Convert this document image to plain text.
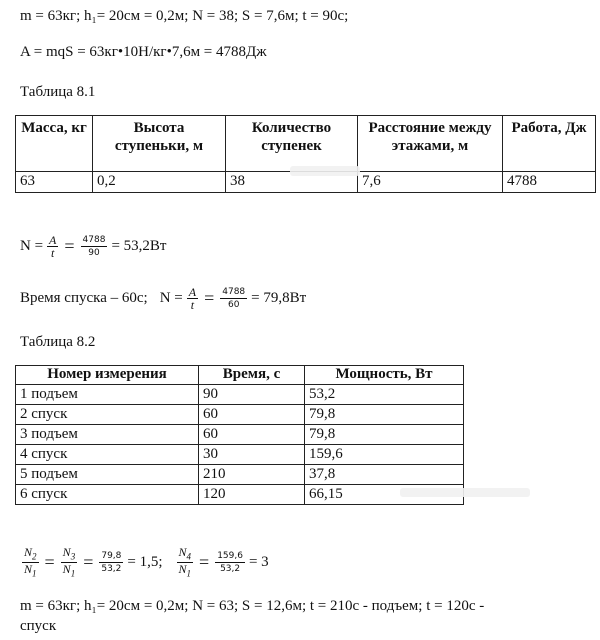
m = 63кг; h₁= 20см = 0,2м; N = 38; S = 7,6м; t = 90с;
A = mqS = 63кг•10Н/кг•7,6м = 4788Дж
Таблица 8.1
Масса, кг	Высота ступеньки, м	Количество ступенек	Расстояние между этажами, м	Работа, Дж
63	0,2	38	7,6	4788
$N = \frac{A}{t} = \frac{4788}{90} = 53,2Вт$
Время спуска – 60с; $N = \frac{A}{t} = \frac{4788}{60} = 79,8Вт$
Таблица 8.2
Номер измерения	Время, с	Мощность, Вт
1 подъем	90	53,2
2 спуск	60	79,8
3 подъем	60	79,8
4 спуск	30	159,6
5 подъем	210	37,8
6 спуск	120	66,15
$\frac{N_2}{N_1} = \frac{N_3}{N_1} = \frac{79,8}{53,2} = 1,5$; $\frac{N_4}{N_1} = \frac{159,6}{53,2} = 3$
m = 63кг; h₁= 20см = 0,2м; N = 63; S = 12,6м; t = 210с - подъем; t = 120с -
спуск
